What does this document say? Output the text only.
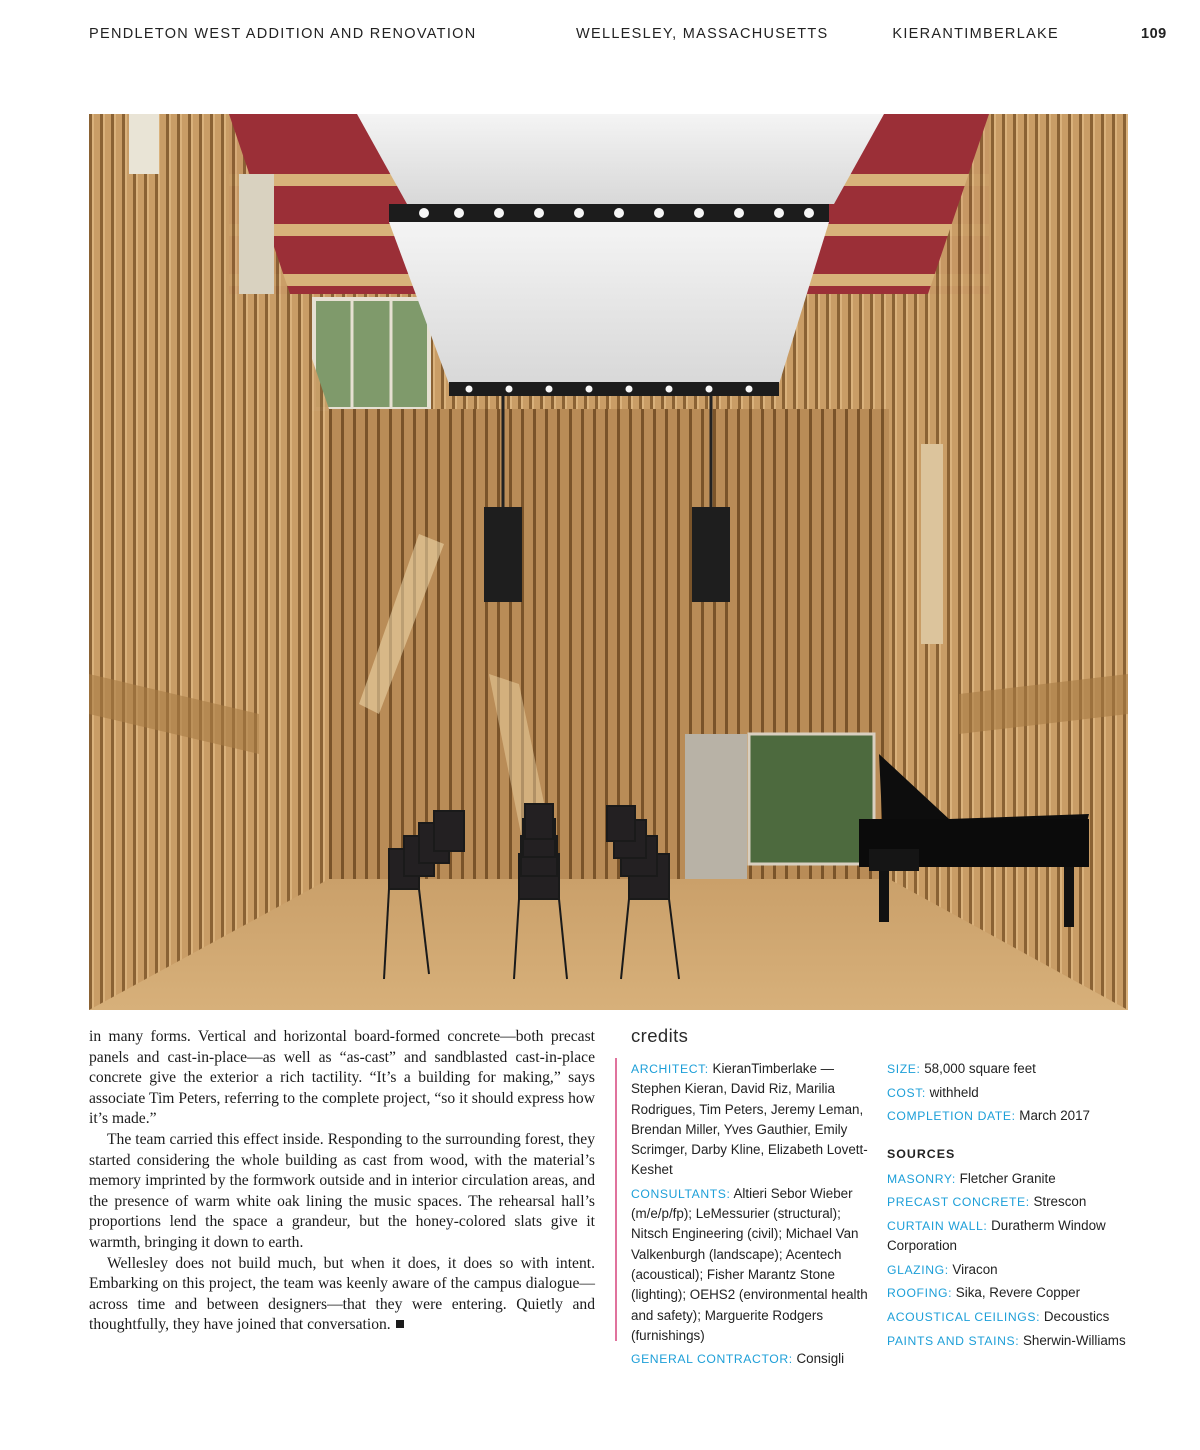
PENDLETON WEST ADDITION AND RENOVATION	WELLESLEY, MASSACHUSETTS	KIERANTIMBERLAKE	109

in many forms. Vertical and horizontal board-formed concrete—both precast panels and cast-in-place—as well as “as-cast” and sandblasted cast-in-place concrete give the exterior a rich tactility. “It’s a building for making,” says associate Tim Peters, referring to the complete project, “so it should express how it’s made.”

The team carried this effect inside. Responding to the surrounding forest, they started considering the whole building as cast from wood, with the material’s memory imprinted by the formwork outside and in interior circulation areas, and the presence of warm white oak lining the music spaces. The rehearsal hall’s proportions lend the space a grandeur, but the honey-colored slats give it warmth, bringing it down to earth.

Wellesley does not build much, but when it does, it does so with intent. Embarking on this project, the team was keenly aware of the campus dialogue—across time and between designers—that they were entering. Quietly and thoughtfully, they have joined that conversation.

credits

ARCHITECT: KieranTimberlake — Stephen Kieran, David Riz, Marilia Rodrigues, Tim Peters, Jeremy Leman, Brendan Miller, Yves Gauthier, Emily Scrimger, Darby Kline, Elizabeth Lovett-Keshet

CONSULTANTS: Altieri Sebor Wieber (m/e/p/fp); LeMessurier (structural); Nitsch Engineering (civil); Michael Van Valkenburgh (landscape); Acentech (acoustical); Fisher Marantz Stone (lighting); OEHS2 (environmental health and safety); Marguerite Rodgers (furnishings)

GENERAL CONTRACTOR: Consigli

SIZE: 58,000 square feet

COST: withheld

COMPLETION DATE: March 2017

SOURCES

MASONRY: Fletcher Granite

PRECAST CONCRETE: Strescon

CURTAIN WALL: Duratherm Window Corporation

GLAZING: Viracon

ROOFING: Sika, Revere Copper

ACOUSTICAL CEILINGS: Decoustics

PAINTS AND STAINS: Sherwin-Williams
